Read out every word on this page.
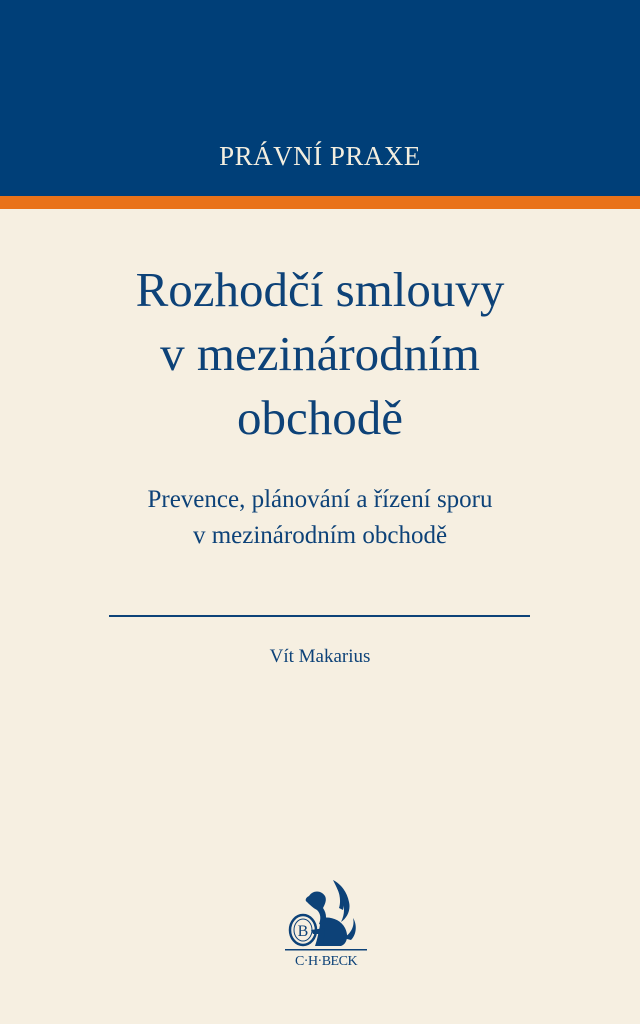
PRÁVNÍ PRAXE
Rozhodčí smlouvy
v mezinárodním
obchodě
Prevence, plánování a řízení sporu
v mezinárodním obchodě
Vít Makarius
B
C·H·BECK
